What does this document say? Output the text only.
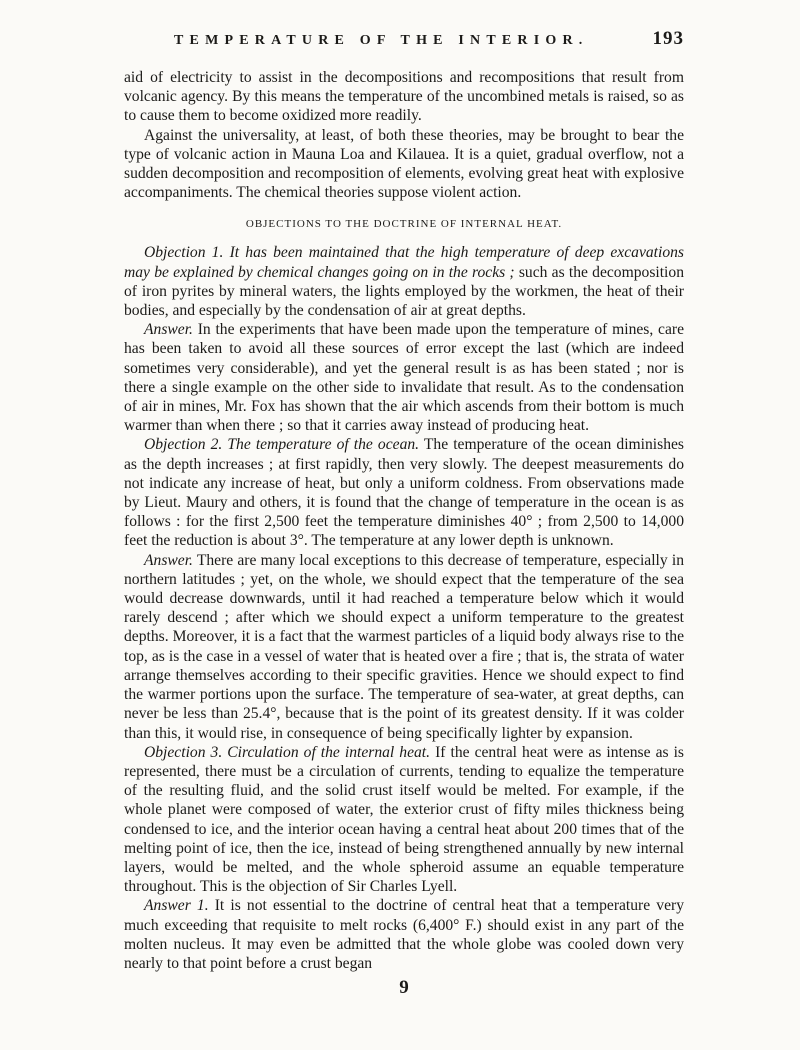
TEMPERATURE OF THE INTERIOR.	193

aid of electricity to assist in the decompositions and recompositions that result from volcanic agency. By this means the temperature of the uncombined metals is raised, so as to cause them to become oxidized more readily.

Against the universality, at least, of both these theories, may be brought to bear the type of volcanic action in Mauna Loa and Kilauea. It is a quiet, gradual overflow, not a sudden decomposition and recomposition of elements, evolving great heat with explosive accompaniments. The chemical theories suppose violent action.

OBJECTIONS TO THE DOCTRINE OF INTERNAL HEAT.

Objection 1. It has been maintained that the high temperature of deep excavations may be explained by chemical changes going on in the rocks ; such as the decomposition of iron pyrites by mineral waters, the lights employed by the workmen, the heat of their bodies, and especially by the condensation of air at great depths.

Answer. In the experiments that have been made upon the temperature of mines, care has been taken to avoid all these sources of error except the last (which are indeed sometimes very considerable), and yet the general result is as has been stated ; nor is there a single example on the other side to invalidate that result. As to the condensation of air in mines, Mr. Fox has shown that the air which ascends from their bottom is much warmer than when there ; so that it carries away instead of producing heat.

Objection 2. The temperature of the ocean. The temperature of the ocean diminishes as the depth increases ; at first rapidly, then very slowly. The deepest measurements do not indicate any increase of heat, but only a uniform coldness. From observations made by Lieut. Maury and others, it is found that the change of temperature in the ocean is as follows : for the first 2,500 feet the temperature diminishes 40° ; from 2,500 to 14,000 feet the reduction is about 3°. The temperature at any lower depth is unknown.

Answer. There are many local exceptions to this decrease of temperature, especially in northern latitudes ; yet, on the whole, we should expect that the temperature of the sea would decrease downwards, until it had reached a temperature below which it would rarely descend ; after which we should expect a uniform temperature to the greatest depths. Moreover, it is a fact that the warmest particles of a liquid body always rise to the top, as is the case in a vessel of water that is heated over a fire ; that is, the strata of water arrange themselves according to their specific gravities. Hence we should expect to find the warmer portions upon the surface. The temperature of sea-water, at great depths, can never be less than 25.4°, because that is the point of its greatest density. If it was colder than this, it would rise, in consequence of being specifically lighter by expansion.

Objection 3. Circulation of the internal heat. If the central heat were as intense as is represented, there must be a circulation of currents, tending to equalize the temperature of the resulting fluid, and the solid crust itself would be melted. For example, if the whole planet were composed of water, the exterior crust of fifty miles thickness being condensed to ice, and the interior ocean having a central heat about 200 times that of the melting point of ice, then the ice, instead of being strengthened annually by new internal layers, would be melted, and the whole spheroid assume an equable temperature throughout. This is the objection of Sir Charles Lyell.

Answer 1. It is not essential to the doctrine of central heat that a temperature very much exceeding that requisite to melt rocks (6,400° F.) should exist in any part of the molten nucleus. It may even be admitted that the whole globe was cooled down very nearly to that point before a crust began

9
